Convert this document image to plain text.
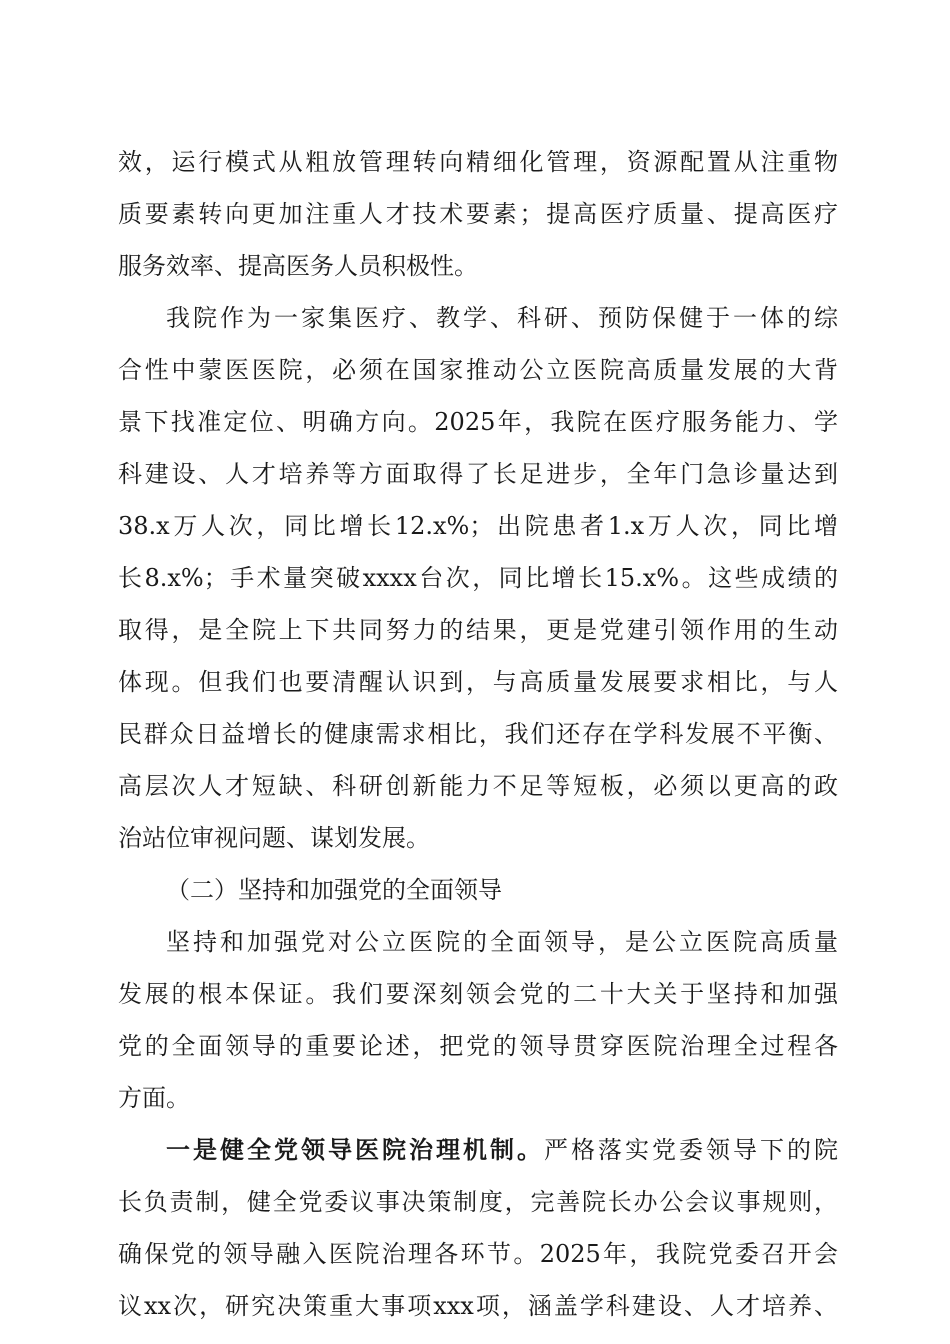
效，运行模式从粗放管理转向精细化管理，资源配置从注重物
质要素转向更加注重人才技术要素；提高医疗质量、提高医疗
服务效率、提高医务人员积极性。
我院作为一家集医疗、教学、科研、预防保健于一体的综
合性中蒙医医院，必须在国家推动公立医院高质量发展的大背
景下找准定位、明确方向。2025年，我院在医疗服务能力、学
科建设、人才培养等方面取得了长足进步，全年门急诊量达到
38.x万人次，同比增长12.x%；出院患者1.x万人次，同比增
长8.x%；手术量突破xxxx台次，同比增长15.x%。这些成绩的
取得，是全院上下共同努力的结果，更是党建引领作用的生动
体现。但我们也要清醒认识到，与高质量发展要求相比，与人
民群众日益增长的健康需求相比，我们还存在学科发展不平衡、
高层次人才短缺、科研创新能力不足等短板，必须以更高的政
治站位审视问题、谋划发展。
（二）坚持和加强党的全面领导
坚持和加强党对公立医院的全面领导，是公立医院高质量
发展的根本保证。我们要深刻领会党的二十大关于坚持和加强
党的全面领导的重要论述，把党的领导贯穿医院治理全过程各
方面。
一是健全党领导医院治理机制。严格落实党委领导下的院
长负责制，健全党委议事决策制度，完善院长办公会议事规则，
确保党的领导融入医院治理各环节。2025年，我院党委召开会
议xx次，研究决策重大事项xxx项，涵盖学科建设、人才培养、
